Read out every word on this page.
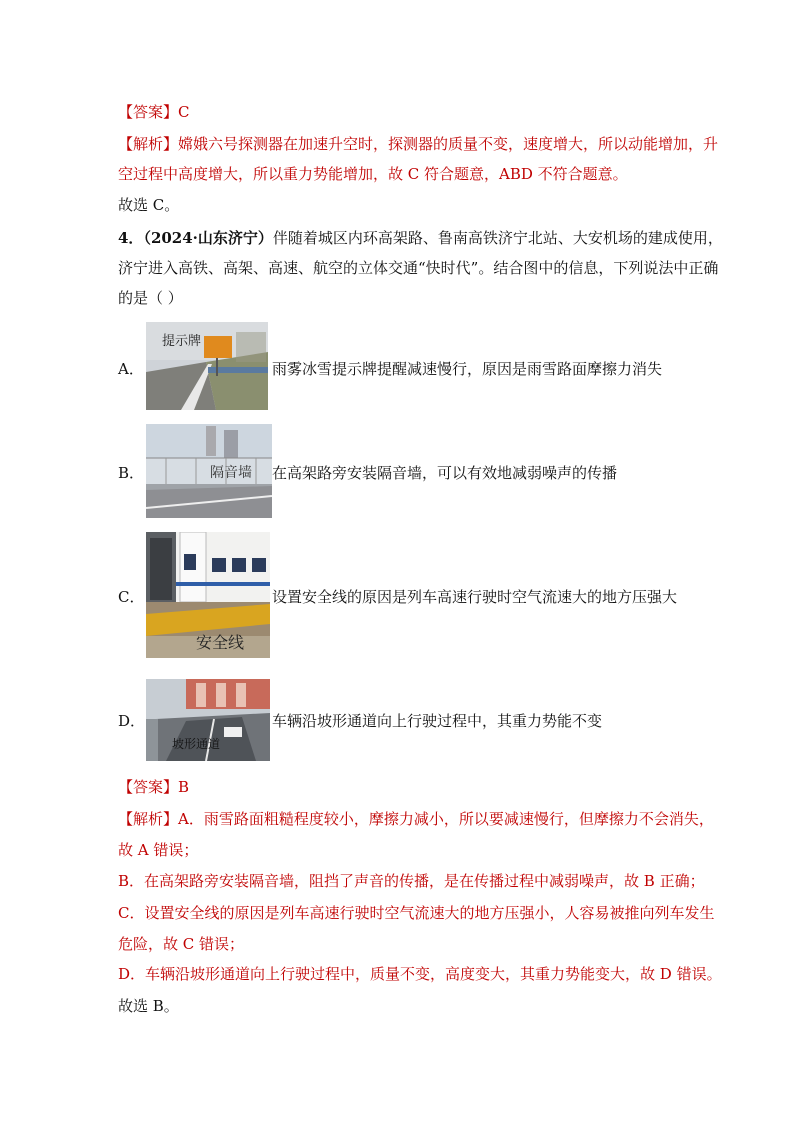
【答案】C
【解析】嫦娥六号探测器在加速升空时，探测器的质量不变，速度增大，所以动能增加，升
空过程中高度增大，所以重力势能增加，故 C 符合题意，ABD 不符合题意。
故选 C。
4．（2024·山东济宁）伴随着城区内环高架路、鲁南高铁济宁北站、大安机场的建成使用，
济宁进入高铁、高架、高速、航空的立体交通“快时代”。结合图中的信息，下列说法中正确
的是（ ）
A．
提示牌
雨雾冰雪提示牌提醒减速慢行，原因是雨雪路面摩擦力消失
B．	隔音墙 在高架路旁安装隔音墙，可以有效地减弱噪声的传播
C．
安全线
设置安全线的原因是列车高速行驶时空气流速大的地方压强大
D．
坡形通道
车辆沿坡形通道向上行驶过程中，其重力势能不变
【答案】B
【解析】A．雨雪路面粗糙程度较小，摩擦力减小，所以要减速慢行，但摩擦力不会消失，
故 A 错误；
B．在高架路旁安装隔音墙，阻挡了声音的传播，是在传播过程中减弱噪声，故 B 正确；
C．设置安全线的原因是列车高速行驶时空气流速大的地方压强小，人容易被推向列车发生
危险，故 C 错误；
D．车辆沿坡形通道向上行驶过程中，质量不变，高度变大，其重力势能变大，故 D 错误。
故选 B。
